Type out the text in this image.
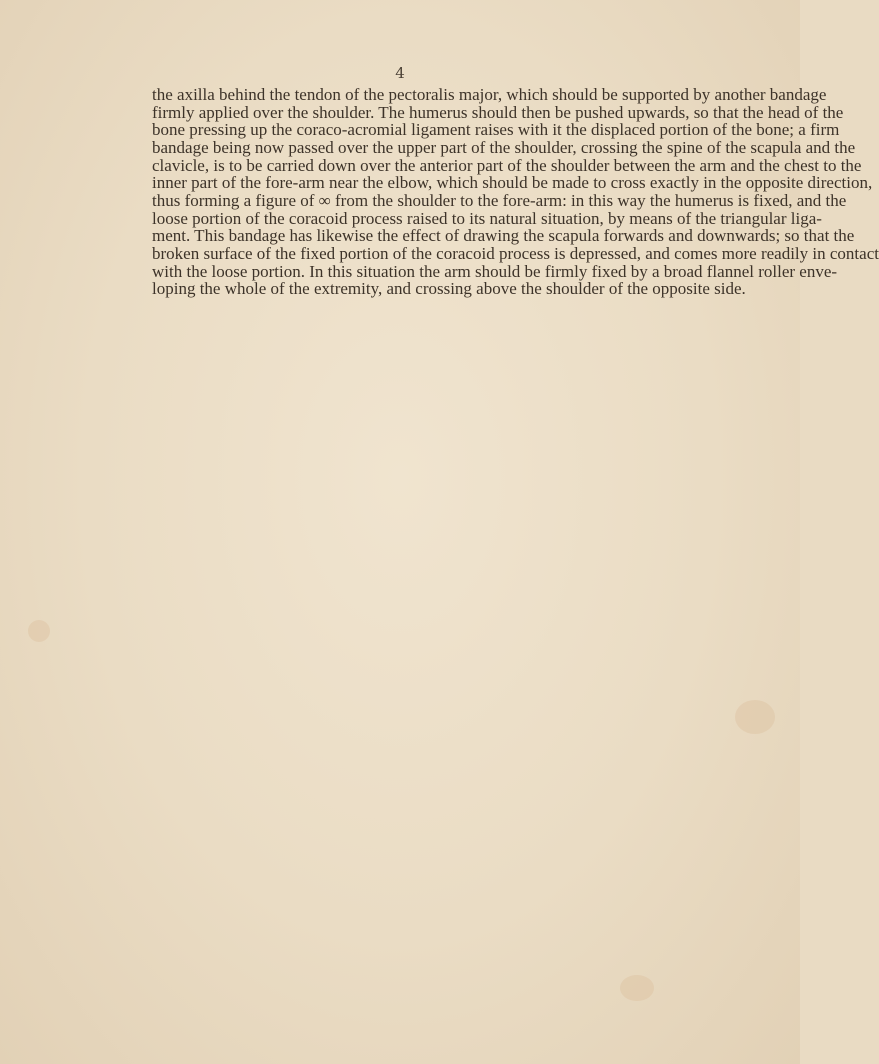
4

the axilla behind the tendon of the pectoralis major, which should be supported by another bandage
firmly applied over the shoulder. The humerus should then be pushed upwards, so that the head of the
bone pressing up the coraco-acromial ligament raises with it the displaced portion of the bone; a firm
bandage being now passed over the upper part of the shoulder, crossing the spine of the scapula and the
clavicle, is to be carried down over the anterior part of the shoulder between the arm and the chest to the
inner part of the fore-arm near the elbow, which should be made to cross exactly in the opposite direction,
thus forming a figure of ∞ from the shoulder to the fore-arm: in this way the humerus is fixed, and the
loose portion of the coracoid process raised to its natural situation, by means of the triangular liga-
ment. This bandage has likewise the effect of drawing the scapula forwards and downwards; so that the
broken surface of the fixed portion of the coracoid process is depressed, and comes more readily in contact
with the loose portion. In this situation the arm should be firmly fixed by a broad flannel roller enve-
loping the whole of the extremity, and crossing above the shoulder of the opposite side.
